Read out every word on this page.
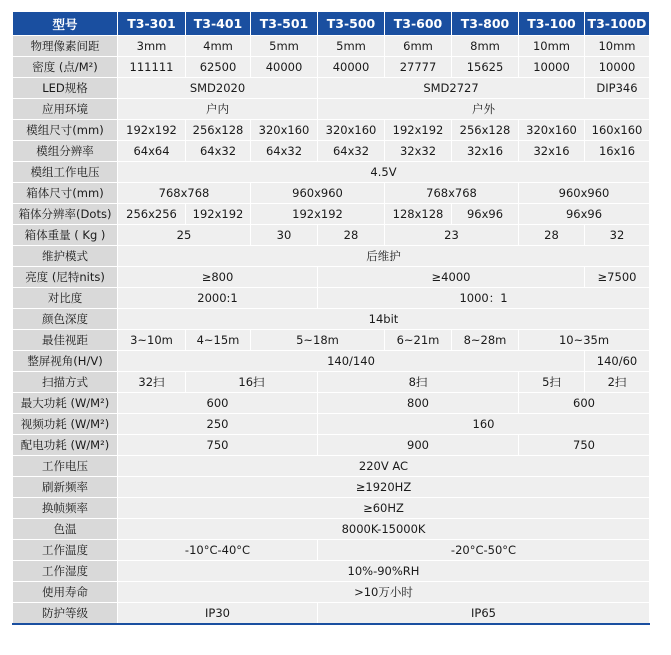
型号	T3-301	T3-401	T3-501	T3-500	T3-600	T3-800	T3-100	T3-100D	
物理像素间距	3mm	4mm	5mm	5mm	6mm	8mm	10mm	10mm	
密度 (点/M²)	111111	62500	40000	40000	27777	15625	10000	10000	
LED规格	SMD2020			SMD2727				DIP346	
应用环境	户内			户外					
模组尺寸(mm)	192x192	256x128	320x160	320x160	192x192	256x128	320x160	160x160	
模组分辨率	64x64	64x32	64x32	64x32	32x32	32x16	32x16	16x16	
模组工作电压	4.5V								
箱体尺寸(mm)	768x768		960x960		768x768		960x960		
箱体分辨率(Dots)	256x256	192x192	192x192		128x128	96x96	96x96		
箱体重量 ( Kg )	25		30	28	23		28	32	
维护模式	后维护								
亮度 (尼特nits)	≥800			≥4000				≥7500	
对比度	2000:1			1000：1					
颜色深度	14bit								
最佳视距	3~10m	4~15m	5~18m		6~21m	8~28m	10~35m		
整屏视角(H/V)	140/140							140/60	
扫描方式	32扫	16扫		8扫			5扫	2扫	
最大功耗 (W/M²)	600			800			600		
视频功耗 (W/M²)	250			160					
配电功耗 (W/M²)	750			900			750		
工作电压	220V AC								
刷新频率	≥1920HZ								
换帧频率	≥60HZ								
色温	8000K-15000K								
工作温度	-10°C-40°C			-20°C-50°C					
工作湿度	10%-90%RH								
使用寿命	>10万小时								
防护等级	IP30			IP65					
